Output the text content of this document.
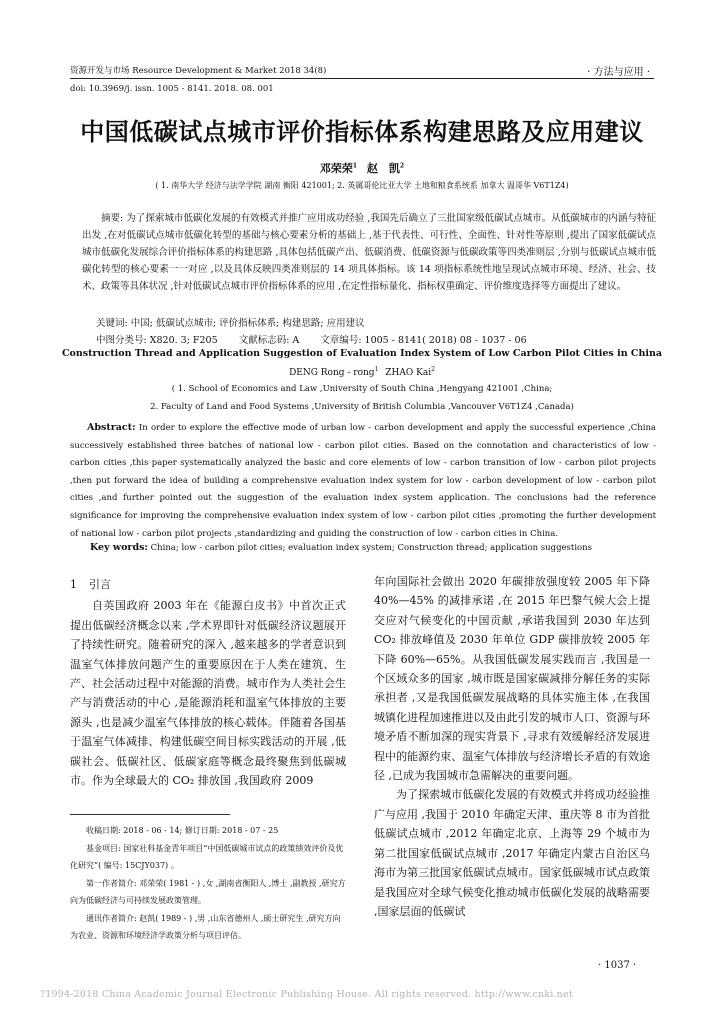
资源开发与市场 Resource Development & Market 2018 34(8)	· 方法与应用 ·
doi: 10.3969/j. issn. 1005 - 8141. 2018. 08. 001
中国低碳试点城市评价指标体系构建思路及应用建议
邓荣荣$^1$ 赵　凯$^2$
( 1. 南华大学 经济与法学学院 湖南 衡阳 421001; 2. 英属哥伦比亚大学 土地和粮食系统系 加拿大 温哥华 V6T1Z4)
摘要: 为了探索城市低碳化发展的有效模式并推广应用成功经验 ,我国先后确立了三批国家级低碳试点城市。从低碳城市的内涵与特征出发 ,在对低碳试点城市低碳化转型的基础与核心要素分析的基础上 ,基于代表性、可行性、全面性、针对性等原则 ,提出了国家低碳试点城市低碳化发展综合评价指标体系的构建思路 ,具体包括低碳产出、低碳消费、低碳资源与低碳政策等四类准则层 ,分别与低碳试点城市低碳化转型的核心要素一一对应 ,以及具体反映四类准则层的 14 项具体指标。该 14 项指标系统性地呈现试点城市环境、经济、社会、技术、政策等具体状况 ,针对低碳试点城市评价指标体系的应用 ,在定性指标量化、指标权重确定、评价维度选择等方面提出了建议。
关键词: 中国; 低碳试点城市; 评价指标体系; 构建思路; 应用建议
中图分类号: X820. 3; F205 文献标志码: A 文章编号: 1005 - 8141( 2018) 08 - 1037 - 06
Construction Thread and Application Suggestion of Evaluation Index System of Low Carbon Pilot Cities in China
DENG Rong - rong$^1$ ZHAO Kai$^2$
( 1. School of Economics and Law ,University of South China ,Hengyang 421001 ,China;
2. Faculty of Land and Food Systems ,University of British Columbia ,Vancouver V6T1Z4 ,Canada)
Abstract: In order to explore the effective mode of urban low - carbon development and apply the successful experience ,China successively established three batches of national low - carbon pilot cities. Based on the connotation and characteristics of low - carbon cities ,this paper systematically analyzed the basic and core elements of low - carbon transition of low - carbon pilot projects ,then put forward the idea of building a comprehensive evaluation index system for low - carbon development of low - carbon pilot cities ,and further pointed out the suggestion of the evaluation index system application. The conclusions had the reference significance for improving the comprehensive evaluation index system of low - carbon pilot cities ,promoting the further development of national low - carbon pilot projects ,standardizing and guiding the construction of low - carbon cities in China.
Key words: China; low - carbon pilot cities; evaluation index system; Construction thread; application suggestions
1 引言

自英国政府 2003 年在《能源白皮书》中首次正式提出低碳经济概念以来 ,学术界即针对低碳经济议题展开了持续性研究。随着研究的深入 ,越来越多的学者意识到温室气体排放问题产生的重要原因在于人类在建筑、生产、社会活动过程中对能源的消费。城市作为人类社会生产与消费活动的中心 ,是能源消耗和温室气体排放的主要源头 ,也是减少温室气体排放的核心载体。伴随着各国基于温室气体减排、构建低碳空间目标实践活动的开展 ,低碳社会、低碳社区、低碳家庭等概念最终聚焦到低碳城市。作为全球最大的 CO₂ 排放国 ,我国政府 2009

收稿日期: 2018 - 06 - 14; 修订日期: 2018 - 07 - 25

基金项目: 国家社科基金青年项目“中国低碳城市试点的政策绩效评价及优化研究”( 编号: 15CJY037) 。

第一作者简介: 邓荣荣( 1981 - ) ,女 ,湖南省衡阳人 ,博士 ,副教授 ,研究方向为低碳经济与可持续发展政策管理。

通讯作者简介: 赵凯( 1989 - ) ,男 ,山东省德州人 ,硕士研究生 ,研究方向为农业、资源和环境经济学政策分析与项目评估。

年向国际社会做出 2020 年碳排放强度较 2005 年下降 40%—45% 的减排承诺 ,在 2015 年巴黎气候大会上提交应对气候变化的中国贡献 ,承诺我国到 2030 年达到 CO₂ 排放峰值及 2030 年单位 GDP 碳排放较 2005 年下降 60%—65%。从我国低碳发展实践而言 ,我国是一个区域众多的国家 ,城市既是国家碳减排分解任务的实际承担者 ,又是我国低碳发展战略的具体实施主体 ,在我国城镇化进程加速推进以及由此引发的城市人口、资源与环境矛盾不断加深的现实背景下 ,寻求有效缓解经济发展进程中的能源约束、温室气体排放与经济增长矛盾的有效途径 ,已成为我国城市急需解决的重要问题。

为了探索城市低碳化发展的有效模式并将成功经验推广与应用 ,我国于 2010 年确定天津、重庆等 8 市为首批低碳试点城市 ,2012 年确定北京、上海等 29 个城市为第二批国家低碳试点城市 ,2017 年确定内蒙古自治区乌海市为第三批国家低碳试点城市。国家低碳城市试点政策是我国应对全球气候变化推动城市低碳化发展的战略需要 ,国家层面的低碳试

· 1037 ·
?1994-2018 China Academic Journal Electronic Publishing House. All rights reserved. http://www.cnki.net
